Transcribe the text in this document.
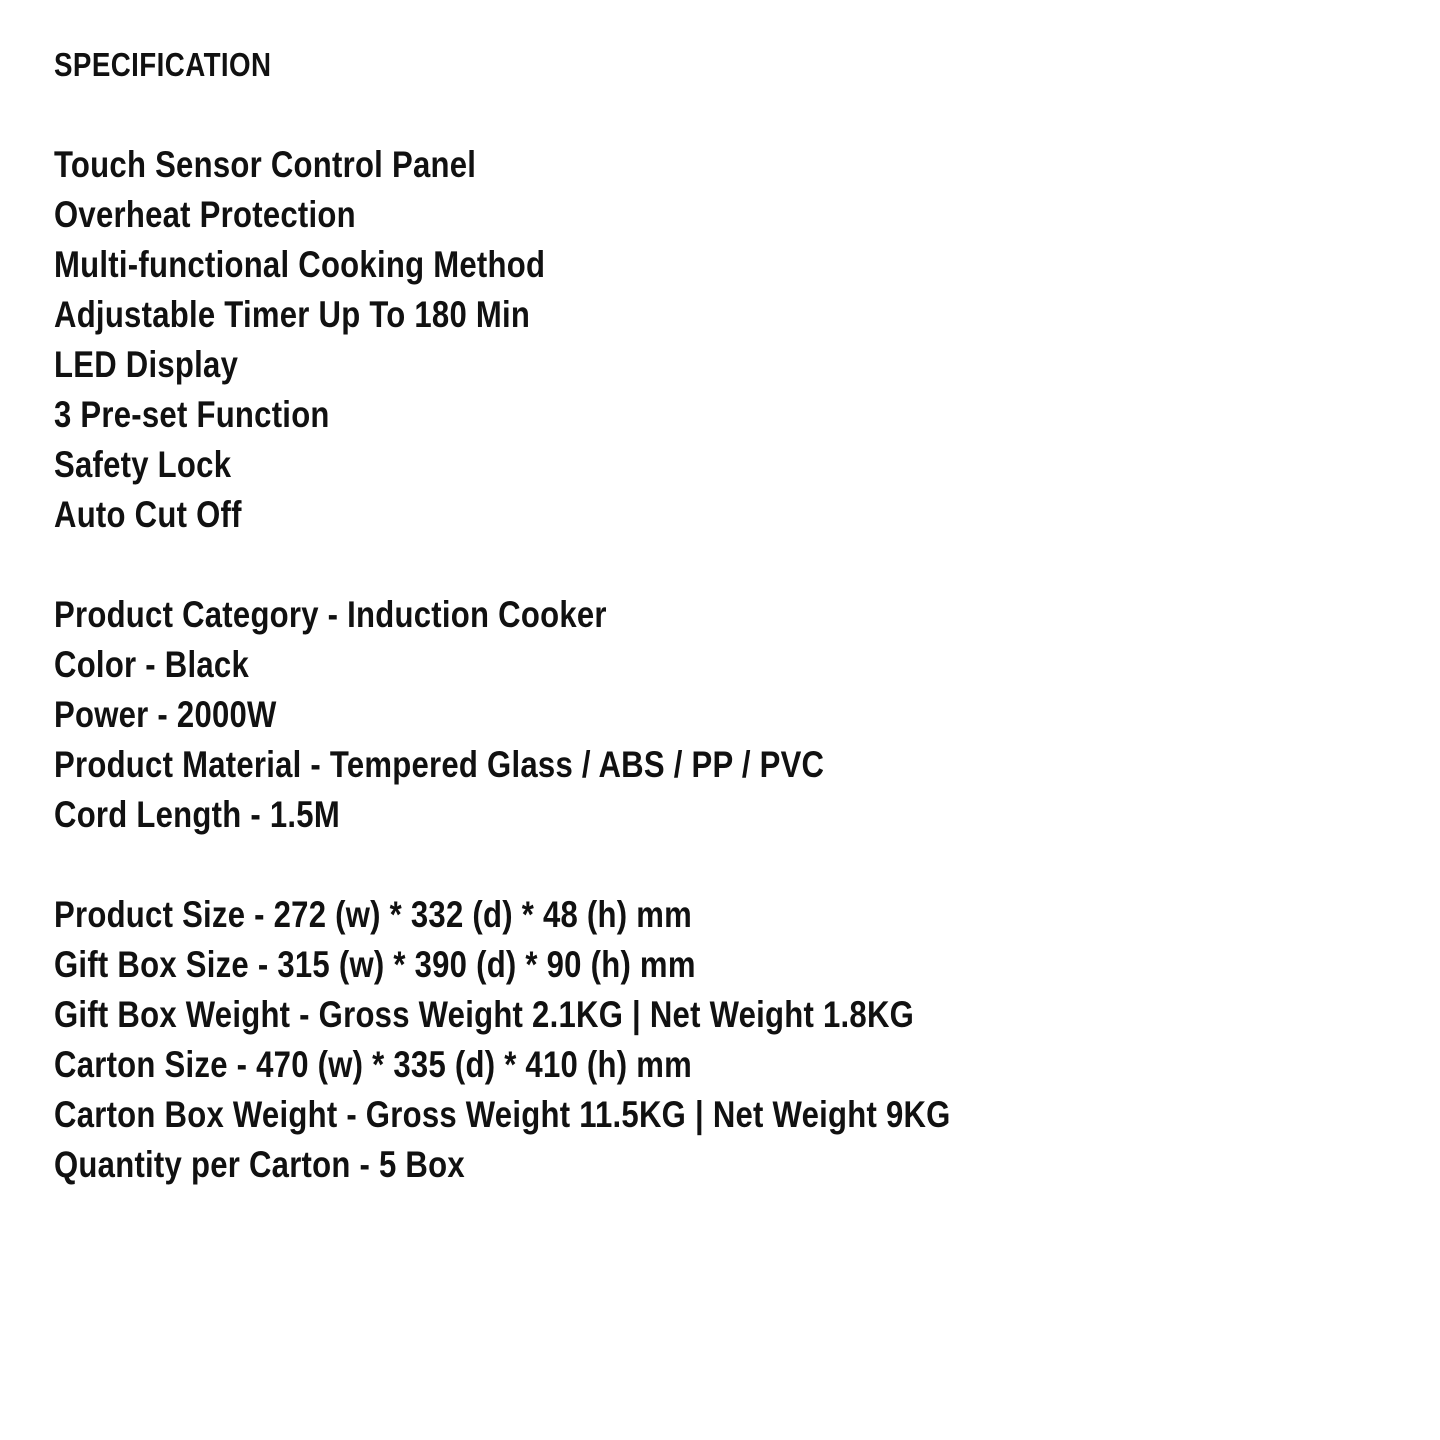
SPECIFICATION
Touch Sensor Control Panel
Overheat Protection
Multi-functional Cooking Method
Adjustable Timer Up To 180 Min
LED Display
3 Pre-set Function
Safety Lock
Auto Cut Off
Product Category - Induction Cooker
Color - Black
Power - 2000W
Product Material - Tempered Glass / ABS / PP / PVC
Cord Length - 1.5M
Product Size - 272 (w) * 332 (d) * 48 (h) mm
Gift Box Size - 315 (w) * 390 (d) * 90 (h) mm
Gift Box Weight - Gross Weight 2.1KG | Net Weight 1.8KG
Carton Size - 470 (w) * 335 (d) * 410 (h) mm
Carton Box Weight - Gross Weight 11.5KG | Net Weight 9KG
Quantity per Carton - 5 Box
